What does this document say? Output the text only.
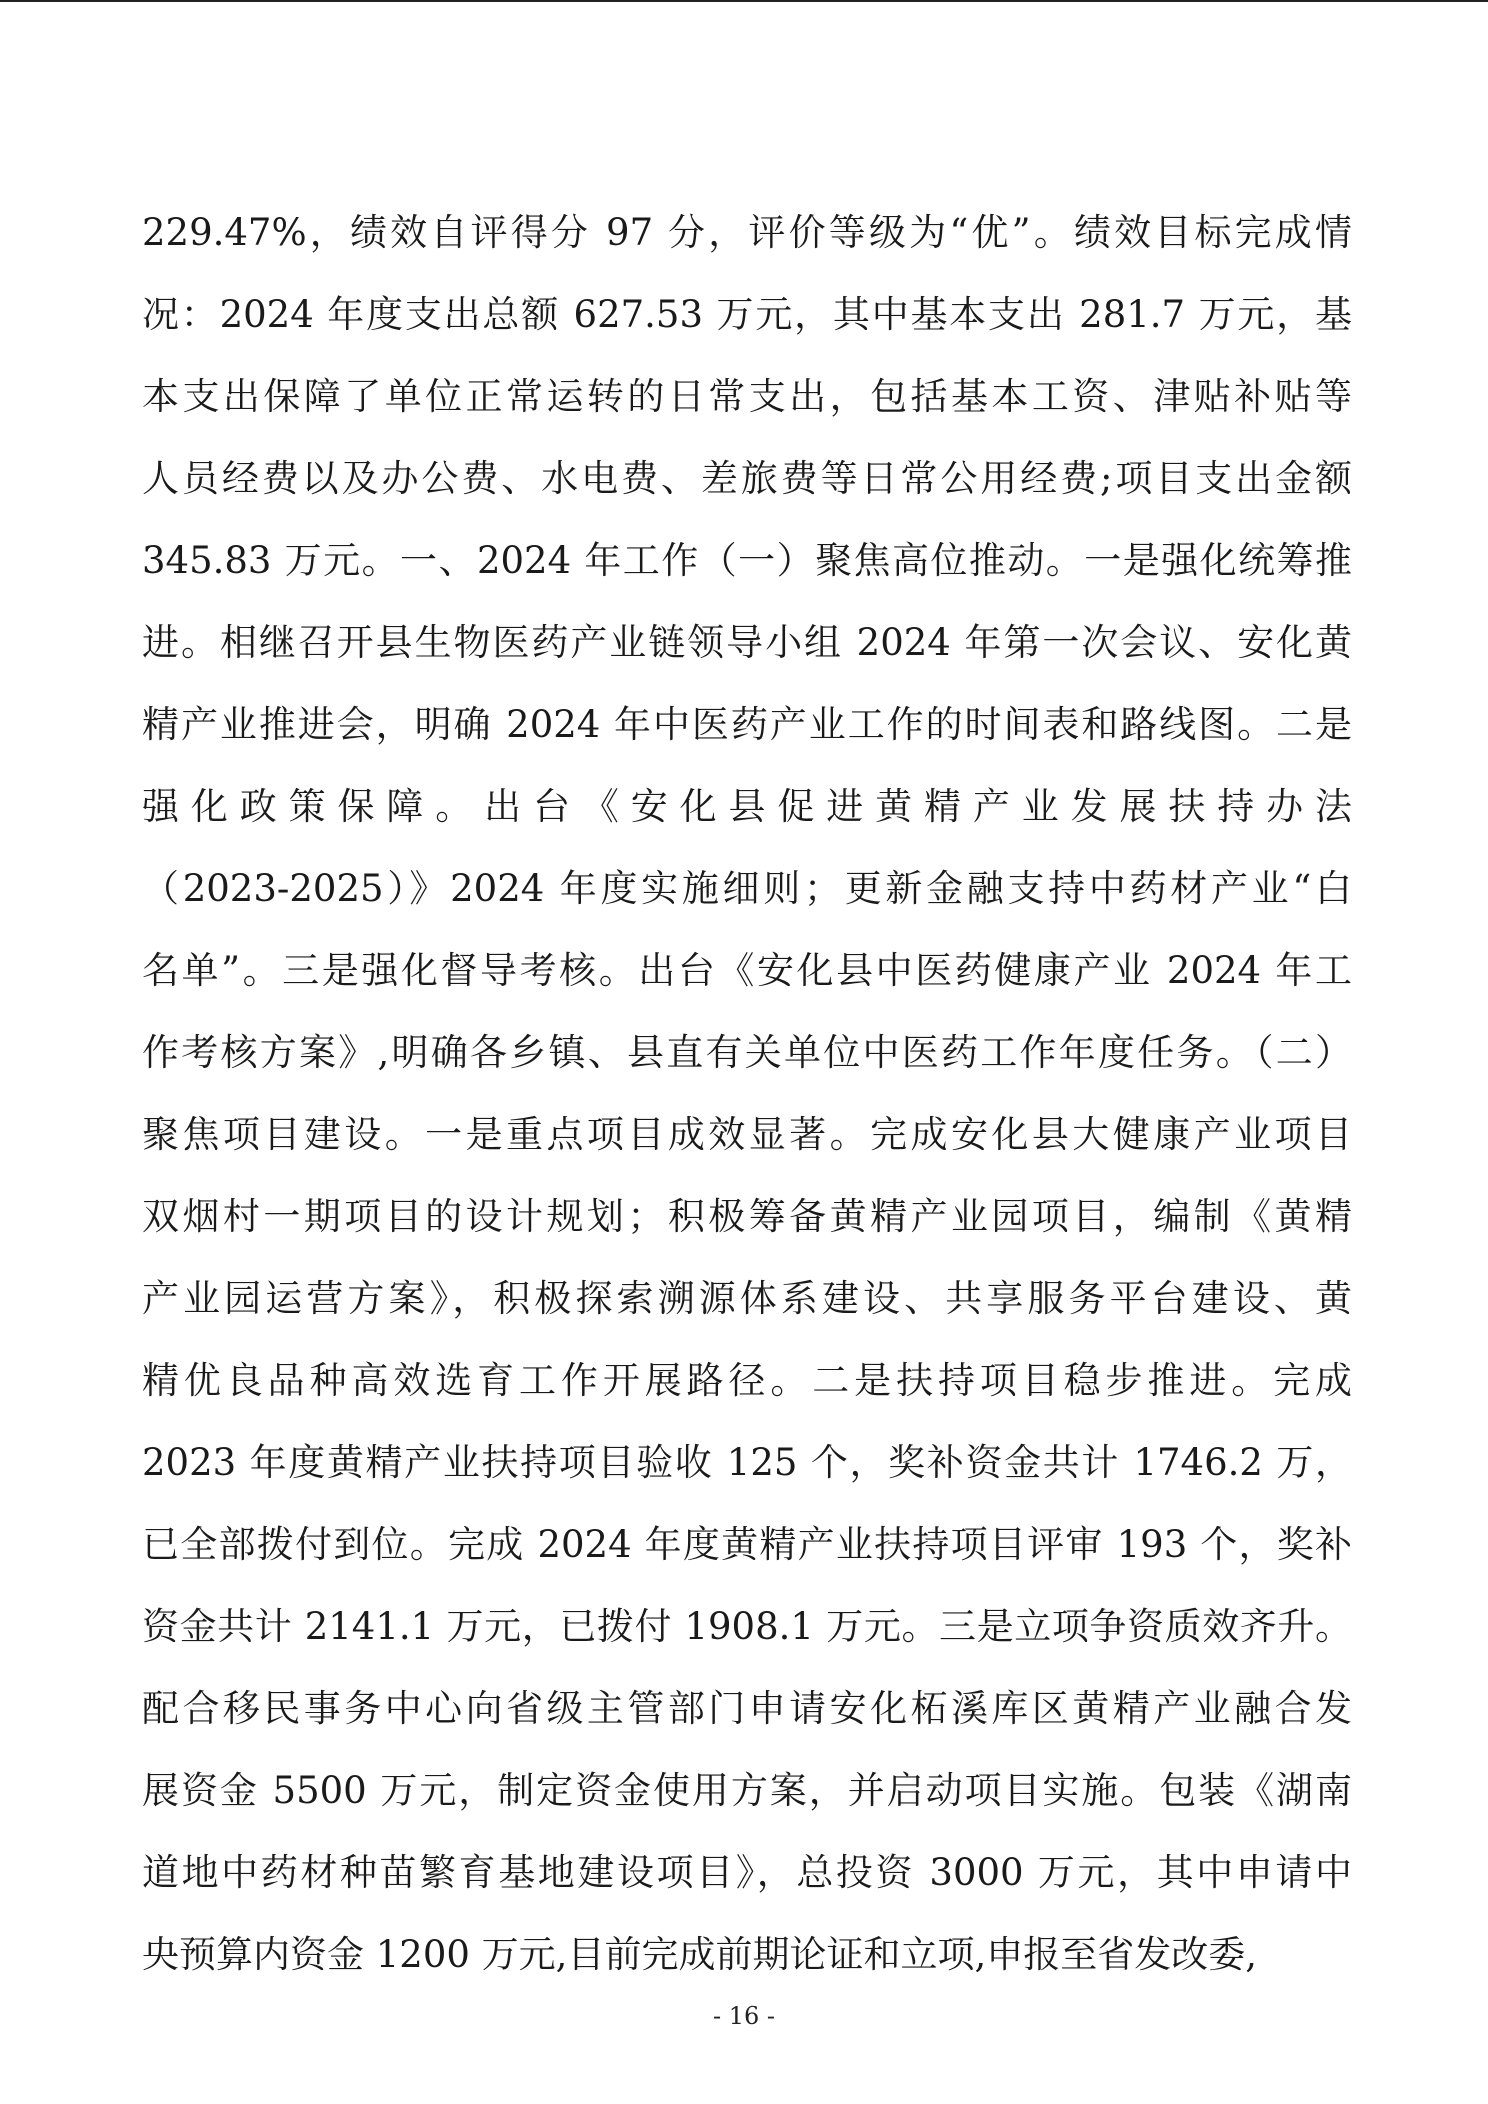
229.47%，绩效自评得分 97 分，评价等级为“优”。绩效目标完成情
况：2024 年度支出总额 627.53 万元，其中基本支出 281.7 万元，基
本支出保障了单位正常运转的日常支出，包括基本工资、津贴补贴等
人员经费以及办公费、水电费、差旅费等日常公用经费;项目支出金额
345.83 万元。一、2024 年工作（一）聚焦高位推动。一是强化统筹推
进。相继召开县生物医药产业链领导小组 2024 年第一次会议、安化黄
精产业推进会，明确 2024 年中医药产业工作的时间表和路线图。二是
强化政策保障。出台《安化县促进黄精产业发展扶持办法
（2023-2025）》2024 年度实施细则；更新金融支持中药材产业“白
名单”。三是强化督导考核。出台《安化县中医药健康产业 2024 年工
作考核方案》,明确各乡镇、县直有关单位中医药工作年度任务。（二）
聚焦项目建设。一是重点项目成效显著。完成安化县大健康产业项目
双烟村一期项目的设计规划；积极筹备黄精产业园项目，编制《黄精
产业园运营方案》，积极探索溯源体系建设、共享服务平台建设、黄
精优良品种高效选育工作开展路径。二是扶持项目稳步推进。完成
2023 年度黄精产业扶持项目验收 125 个，奖补资金共计 1746.2 万，
已全部拨付到位。完成 2024 年度黄精产业扶持项目评审 193 个，奖补
资金共计 2141.1 万元，已拨付 1908.1 万元。三是立项争资质效齐升。
配合移民事务中心向省级主管部门申请安化柘溪库区黄精产业融合发
展资金 5500 万元，制定资金使用方案，并启动项目实施。包装《湖南
道地中药材种苗繁育基地建设项目》，总投资 3000 万元，其中申请中
央预算内资金 1200 万元,目前完成前期论证和立项,申报至省发改委,
- 16 -
